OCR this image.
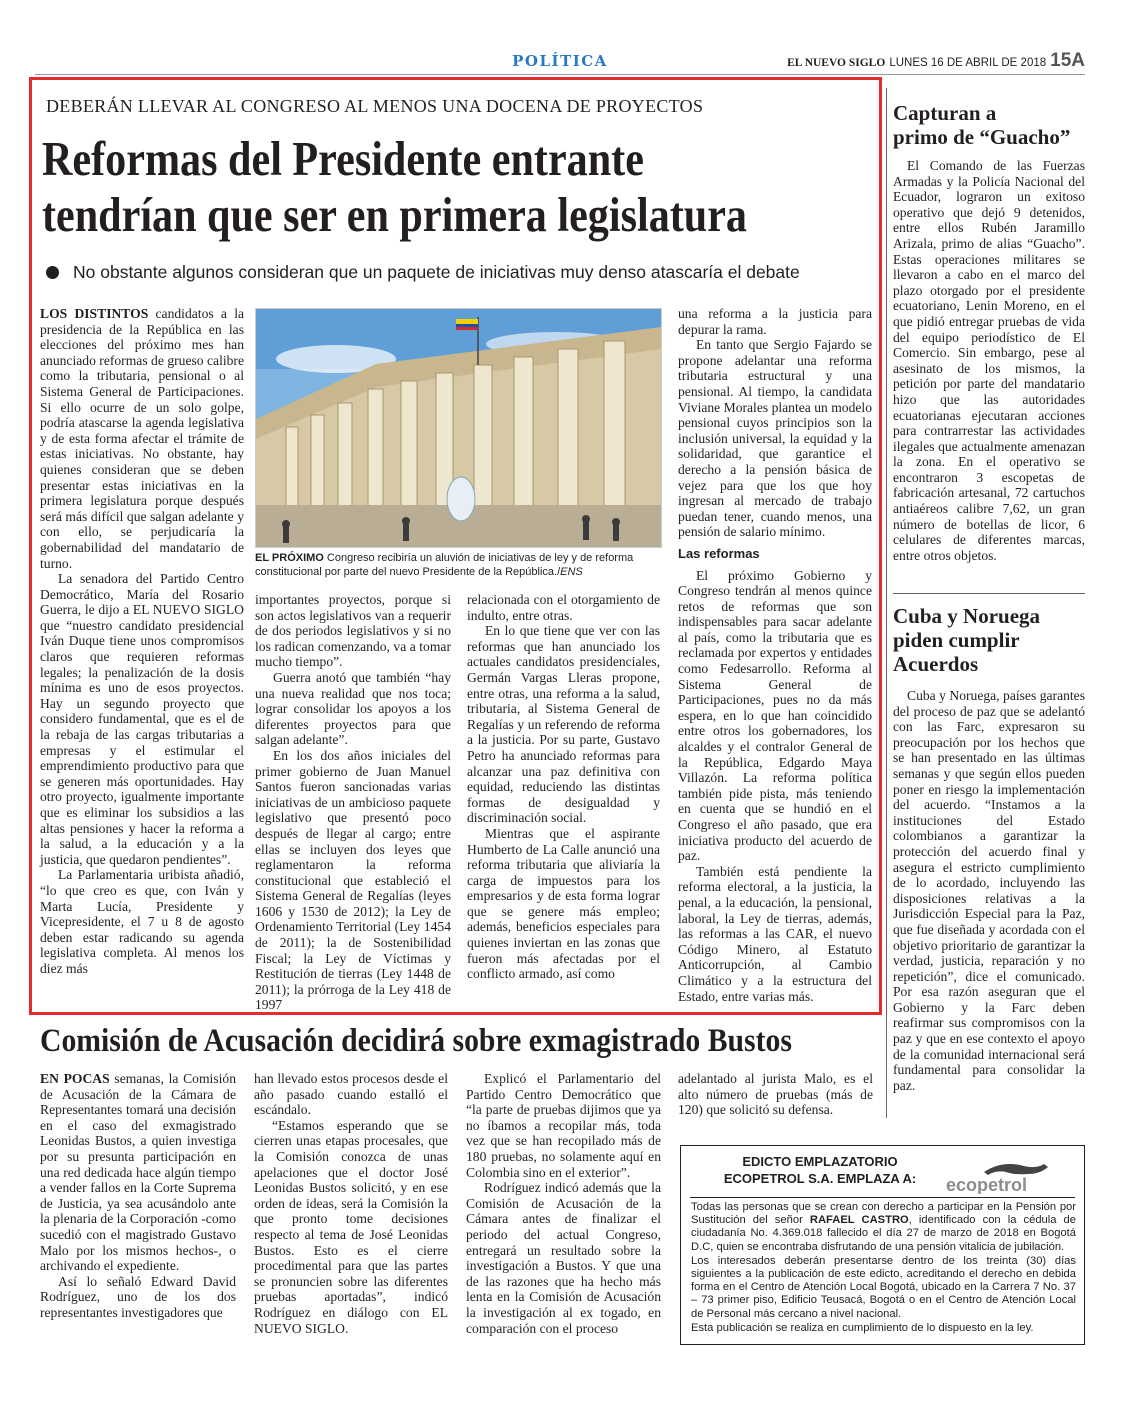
POLÍTICA	EL NUEVO SIGLO LUNES 16 DE ABRIL DE 2018 15A
DEBERÁN LLEVAR AL CONGRESO AL MENOS UNA DOCENA DE PROYECTOS
Reformas del Presidente entrante
tendrían que ser en primera legislatura
No obstante algunos consideran que un paquete de iniciativas muy denso atascaría el debate

LOS DISTINTOS candidatos a la presidencia de la República en las elecciones del próximo mes han anunciado reformas de grueso calibre como la tributaria, pensional o al Sistema General de Participaciones. Si ello ocurre de un solo golpe, podría atascarse la agenda legislativa y de esta forma afectar el trámite de estas iniciativas. No obstante, hay quienes consideran que se deben presentar estas iniciativas en la primera legislatura porque después será más difícil que salgan adelante y con ello, se perjudicaría la gobernabilidad del mandatario de turno.

La senadora del Partido Centro Democrático, María del Rosario Guerra, le dijo a EL NUEVO SIGLO que “nuestro candidato presidencial Iván Duque tiene unos compromisos claros que requieren reformas legales; la penalización de la dosis mínima es uno de esos proyectos. Hay un segundo proyecto que considero fundamental, que es el de la rebaja de las cargas tributarias a empresas y el estimular el emprendimiento productivo para que se generen más oportunidades. Hay otro proyecto, igualmente importante que es eliminar los subsidios a las altas pensiones y hacer la reforma a la salud, a la educación y a la justicia, que quedaron pendientes”.

La Parlamentaria uribista añadió, “lo que creo es que, con Iván y Marta Lucía, Presidente y Vicepresidente, el 7 u 8 de agosto deben estar radicando su agenda legislativa completa. Al menos los diez más

EL PRÓXIMO Congreso recibiría un aluvión de iniciativas de ley y de reforma constitucional por parte del nuevo Presidente de la República./ENS

importantes proyectos, porque si son actos legislativos van a requerir de dos periodos legislativos y si no los radican comenzando, va a tomar mucho tiempo”.

Guerra anotó que también “hay una nueva realidad que nos toca; lograr consolidar los apoyos a los diferentes proyectos para que salgan adelante”.

En los dos años iniciales del primer gobierno de Juan Manuel Santos fueron sancionadas varias iniciativas de un ambicioso paquete legislativo que presentó poco después de llegar al cargo; entre ellas se incluyen dos leyes que reglamentaron la reforma constitucional que estableció el Sistema General de Regalías (leyes 1606 y 1530 de 2012); la Ley de Ordenamiento Territorial (Ley 1454 de 2011); la de Sostenibilidad Fiscal; la Ley de Víctimas y Restitución de tierras (Ley 1448 de 2011); la prórroga de la Ley 418 de 1997

relacionada con el otorgamiento de indulto, entre otras.

En lo que tiene que ver con las reformas que han anunciado los actuales candidatos presidenciales, Germán Vargas Lleras propone, entre otras, una reforma a la salud, tributaria, al Sistema General de Regalías y un referendo de reforma a la justicia. Por su parte, Gustavo Petro ha anunciado reformas para alcanzar una paz definitiva con equidad, reduciendo las distintas formas de desigualdad y discriminación social.

Mientras que el aspirante Humberto de La Calle anunció una reforma tributaria que aliviaría la carga de impuestos para los empresarios y de esta forma lograr que se genere más empleo; además, beneficios especiales para quienes inviertan en las zonas que fueron más afectadas por el conflicto armado, así como

una reforma a la justicia para depurar la rama.

En tanto que Sergio Fajardo se propone adelantar una reforma tributaria estructural y una pensional. Al tiempo, la candidata Viviane Morales plantea un modelo pensional cuyos principios son la inclusión universal, la equidad y la solidaridad, que garantice el derecho a la pensión básica de vejez para que los que hoy ingresan al mercado de trabajo puedan tener, cuando menos, una pensión de salario mínimo.

Las reformas

El próximo Gobierno y Congreso tendrán al menos quince retos de reformas que son indispensables para sacar adelante al país, como la tributaria que es reclamada por expertos y entidades como Fedesarrollo. Reforma al Sistema General de Participaciones, pues no da más espera, en lo que han coincidido entre otros los gobernadores, los alcaldes y el contralor General de la República, Edgardo Maya Villazón. La reforma política también pide pista, más teniendo en cuenta que se hundió en el Congreso el año pasado, que era iniciativa producto del acuerdo de paz.

También está pendiente la reforma electoral, a la justicia, la penal, a la educación, la pensional, laboral, la Ley de tierras, además, las reformas a las CAR, el nuevo Código Minero, al Estatuto Anticorrupción, al Cambio Climático y a la estructura del Estado, entre varias más.

Capturan a
primo de “Guacho”

El Comando de las Fuerzas Armadas y la Policía Nacional del Ecuador, lograron un exitoso operativo que dejó 9 detenidos, entre ellos Rubén Jaramillo Arizala, primo de alias “Guacho”. Estas operaciones militares se llevaron a cabo en el marco del plazo otorgado por el presidente ecuatoriano, Lenin Moreno, en el que pidió entregar pruebas de vida del equipo periodístico de El Comercio. Sin embargo, pese al asesinato de los mismos, la petición por parte del mandatario hizo que las autoridades ecuatorianas ejecutaran acciones para contrarrestar las actividades ilegales que actualmente amenazan la zona. En el operativo se encontraron 3 escopetas de fabricación artesanal, 72 cartuchos antiaéreos calibre 7,62, un gran número de botellas de licor, 6 celulares de diferentes marcas, entre otros objetos.

Cuba y Noruega
piden cumplir
Acuerdos

Cuba y Noruega, países garantes del proceso de paz que se adelantó con las Farc, expresaron su preocupación por los hechos que se han presentado en las últimas semanas y que según ellos pueden poner en riesgo la implementación del acuerdo. “Instamos a la instituciones del Estado colombianos a garantizar la protección del acuerdo final y asegura el estricto cumplimiento de lo acordado, incluyendo las disposiciones relativas a la Jurisdicción Especial para la Paz, que fue diseñada y acordada con el objetivo prioritario de garantizar la verdad, justicia, reparación y no repetición”, dice el comunicado. Por esa razón aseguran que el Gobierno y la Farc deben reafirmar sus compromisos con la paz y que en ese contexto el apoyo de la comunidad internacional será fundamental para consolidar la paz.

Comisión de Acusación decidirá sobre exmagistrado Bustos

EN POCAS semanas, la Comisión de Acusación de la Cámara de Representantes tomará una decisión en el caso del exmagistrado Leonidas Bustos, a quien investiga por su presunta participación en una red dedicada hace algún tiempo a vender fallos en la Corte Suprema de Justicia, ya sea acusándolo ante la plenaria de la Corporación -como sucedió con el magistrado Gustavo Malo por los mismos hechos-, o archivando el expediente.

Así lo señaló Edward David Rodríguez, uno de los dos representantes investigadores que

han llevado estos procesos desde el año pasado cuando estalló el escándalo.

“Estamos esperando que se cierren unas etapas procesales, que la Comisión conozca de unas apelaciones que el doctor José Leonidas Bustos solicitó, y en ese orden de ideas, será la Comisión la que pronto tome decisiones respecto al tema de José Leonidas Bustos. Esto es el cierre procedimental para que las partes se pronuncien sobre las diferentes pruebas aportadas”, indicó Rodríguez en diálogo con EL NUEVO SIGLO.

Explicó el Parlamentario del Partido Centro Democrático que “la parte de pruebas dijimos que ya no íbamos a recopilar más, toda vez que se han recopilado más de 180 pruebas, no solamente aquí en Colombia sino en el exterior”.

Rodríguez indicó además que la Comisión de Acusación de la Cámara antes de finalizar el periodo del actual Congreso, entregará un resultado sobre la investigación a Bustos. Y que una de las razones que ha hecho más lenta en la Comisión de Acusación la investigación al ex togado, en comparación con el proceso

adelantado al jurista Malo, es el alto número de pruebas (más de 120) que solicitó su defensa.

EDICTO EMPLAZATORIO
ECOPETROL S.A. EMPLAZA A:	ecopetrol

Todas las personas que se crean con derecho a participar en la Pensión por Sustitución del señor RAFAEL CASTRO, identificado con la cédula de ciudadanía No. 4.369.018 fallecido el día 27 de marzo de 2018 en Bogotá D.C, quien se encontraba disfrutando de una pensión vitalicia de jubilación.

Los interesados deberán presentarse dentro de los treinta (30) días siguientes a la publicación de este edicto, acreditando el derecho en debida forma en el Centro de Atención Local Bogotá, ubicado en la Carrera 7 No. 37 – 73 primer piso, Edificio Teusacá, Bogotá o en el Centro de Atención Local de Personal más cercano a nivel nacional.

Esta publicación se realiza en cumplimiento de lo dispuesto en la ley.
